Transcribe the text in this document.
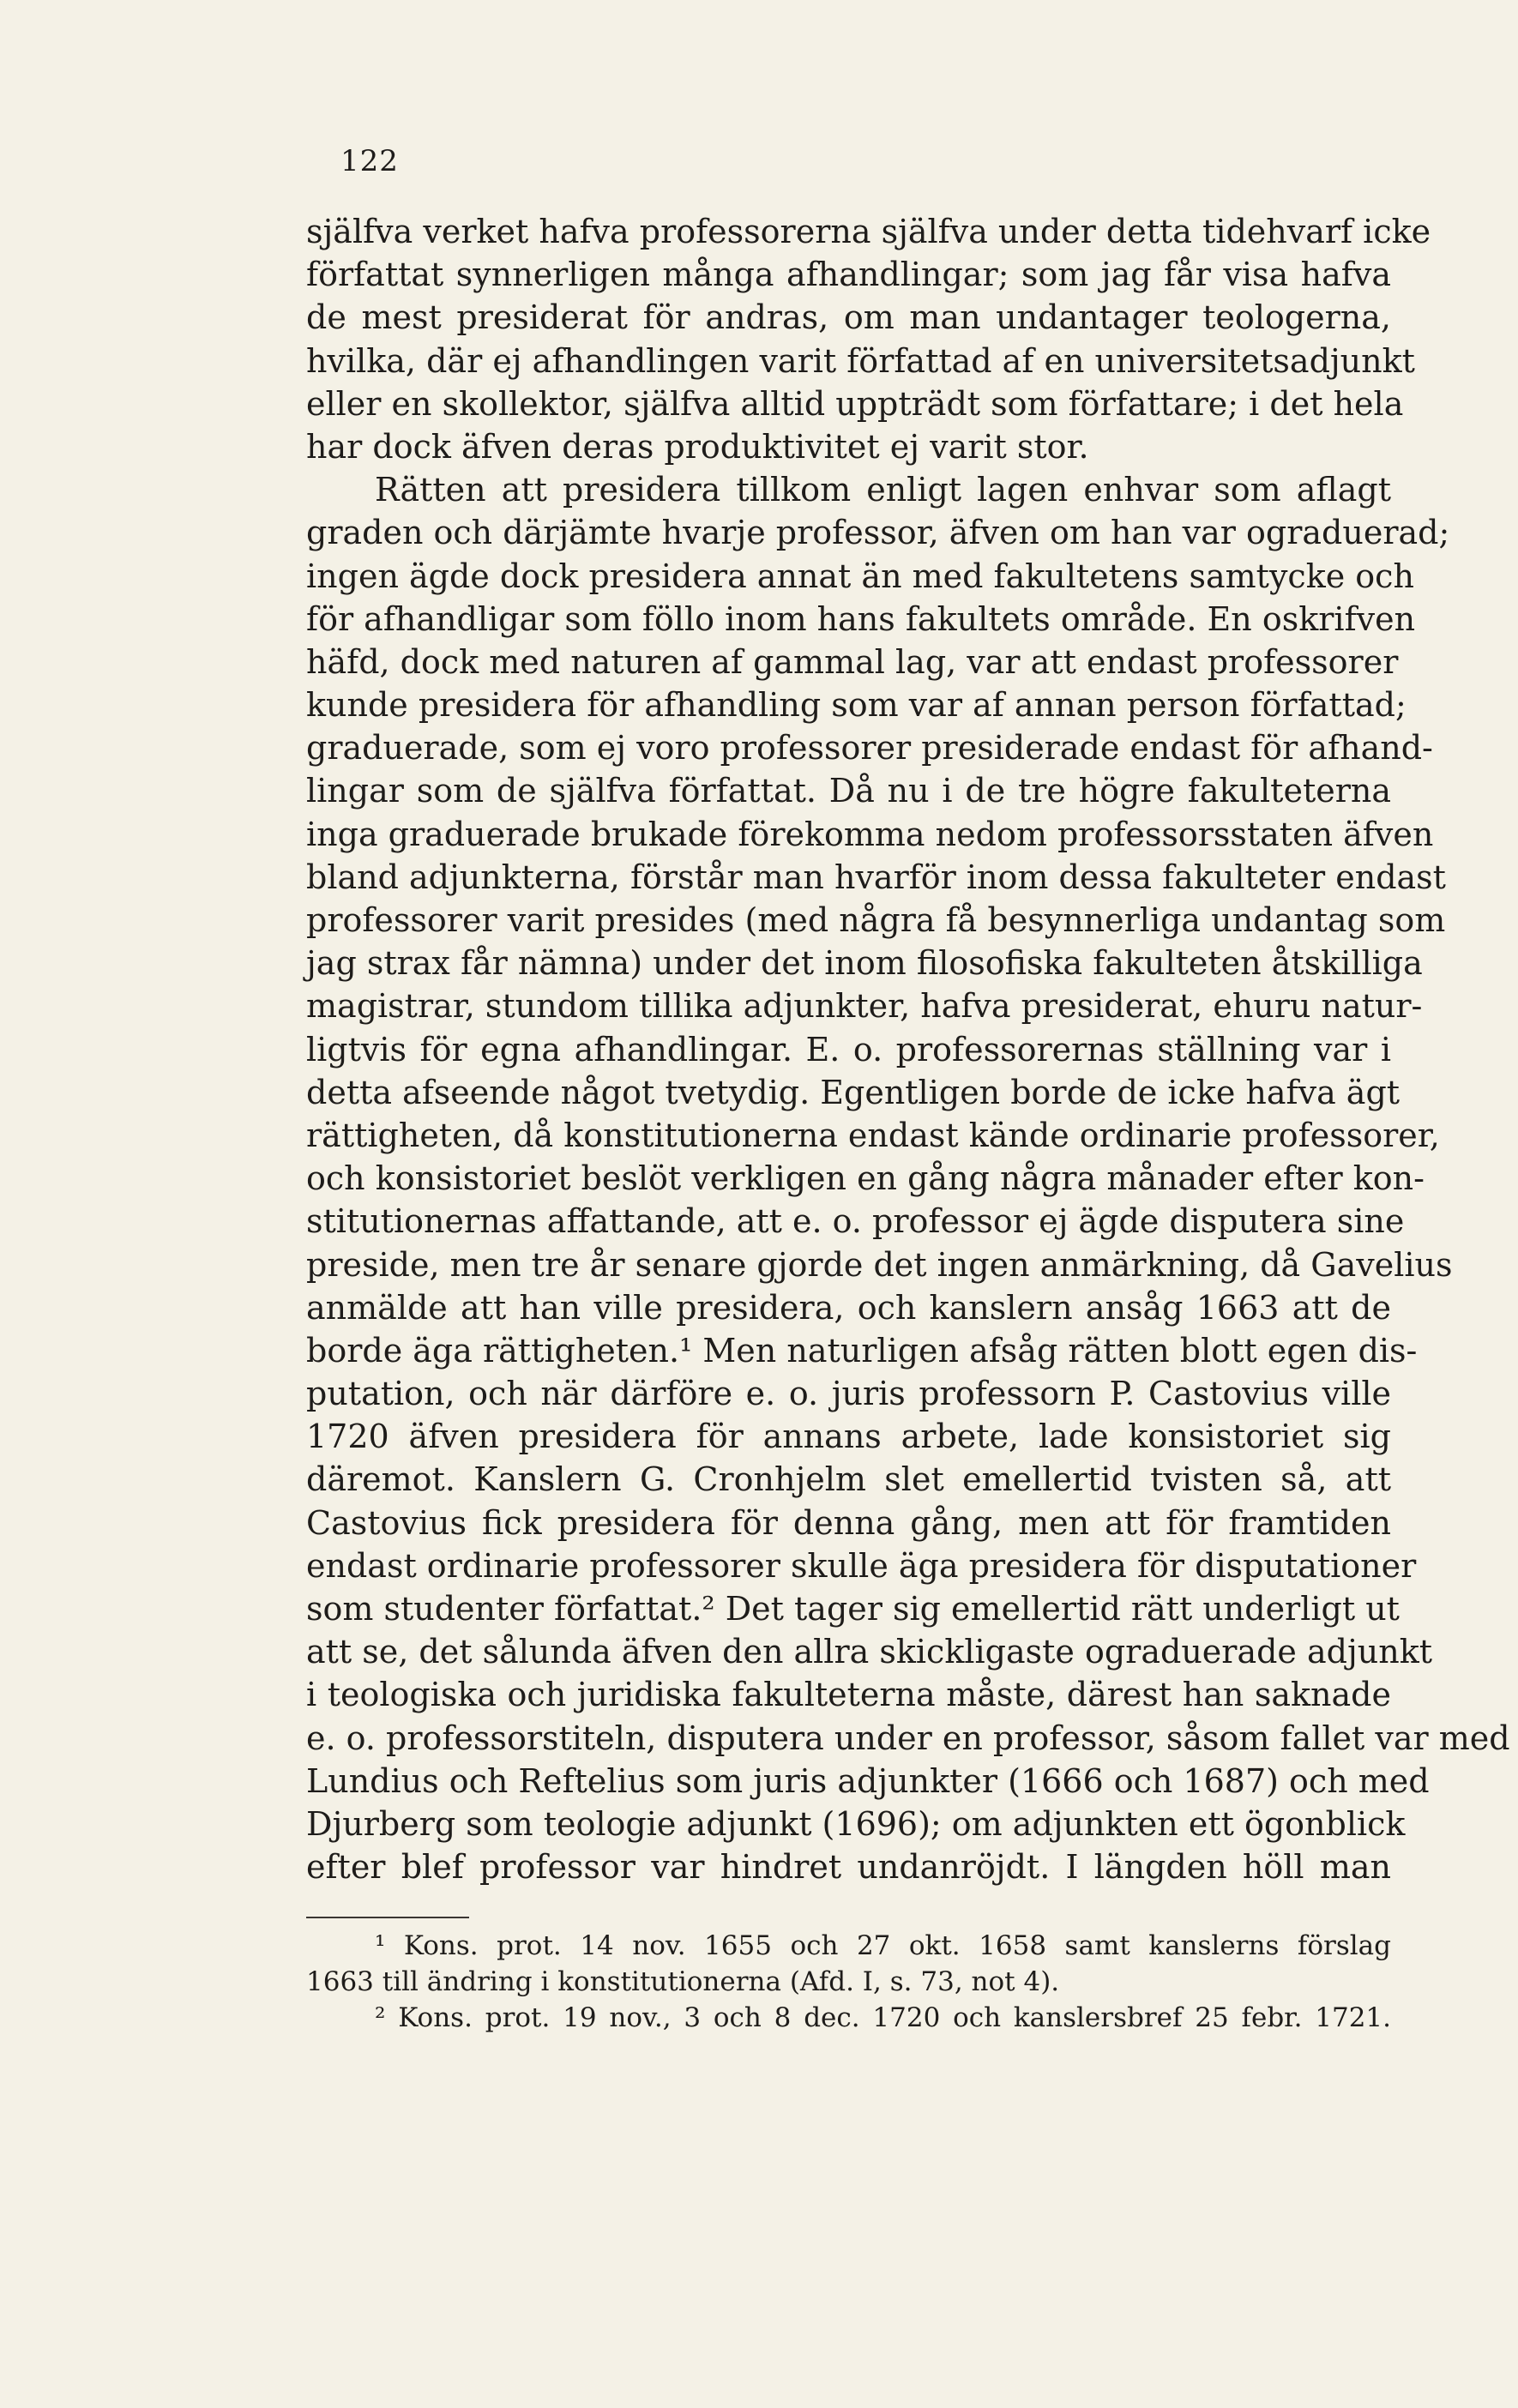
122
själfva verket hafva professorerna själfva under detta tidehvarf icke
författat synnerligen många afhandlingar; som jag får visa hafva
de mest presiderat för andras, om man undantager teologerna,
hvilka, där ej afhandlingen varit författad af en universitetsadjunkt
eller en skollektor, själfva alltid uppträdt som författare; i det hela
har dock äfven deras produktivitet ej varit stor.
Rätten att presidera tillkom enligt lagen enhvar som aflagt
graden och därjämte hvarje professor, äfven om han var ograduerad;
ingen ägde dock presidera annat än med fakultetens samtycke och
för afhandligar som föllo inom hans fakultets område. En oskrifven
häfd, dock med naturen af gammal lag, var att endast professorer
kunde presidera för afhandling som var af annan person författad;
graduerade, som ej voro professorer presiderade endast för afhand-
lingar som de själfva författat. Då nu i de tre högre fakulteterna
inga graduerade brukade förekomma nedom professorsstaten äfven
bland adjunkterna, förstår man hvarför inom dessa fakulteter endast
professorer varit presides (med några få besynnerliga undantag som
jag strax får nämna) under det inom filosofiska fakulteten åtskilliga
magistrar, stundom tillika adjunkter, hafva presiderat, ehuru natur-
ligtvis för egna afhandlingar. E. o. professorernas ställning var i
detta afseende något tvetydig. Egentligen borde de icke hafva ägt
rättigheten, då konstitutionerna endast kände ordinarie professorer,
och konsistoriet beslöt verkligen en gång några månader efter kon-
stitutionernas affattande, att e. o. professor ej ägde disputera sine
preside, men tre år senare gjorde det ingen anmärkning, då Gavelius
anmälde att han ville presidera, och kanslern ansåg 1663 att de
borde äga rättigheten.¹ Men naturligen afsåg rätten blott egen dis-
putation, och när därföre e. o. juris professorn P. Castovius ville
1720 äfven presidera för annans arbete, lade konsistoriet sig
däremot. Kanslern G. Cronhjelm slet emellertid tvisten så, att
Castovius fick presidera för denna gång, men att för framtiden
endast ordinarie professorer skulle äga presidera för disputationer
som studenter författat.² Det tager sig emellertid rätt underligt ut
att se, det sålunda äfven den allra skickligaste ograduerade adjunkt
i teologiska och juridiska fakulteterna måste, därest han saknade
e. o. professorstiteln, disputera under en professor, såsom fallet var med
Lundius och Reftelius som juris adjunkter (1666 och 1687) och med
Djurberg som teologie adjunkt (1696); om adjunkten ett ögonblick
efter blef professor var hindret undanröjdt. I längden höll man
¹ Kons. prot. 14 nov. 1655 och 27 okt. 1658 samt kanslerns förslag
1663 till ändring i konstitutionerna (Afd. I, s. 73, not 4).
² Kons. prot. 19 nov., 3 och 8 dec. 1720 och kanslersbref 25 febr. 1721.
